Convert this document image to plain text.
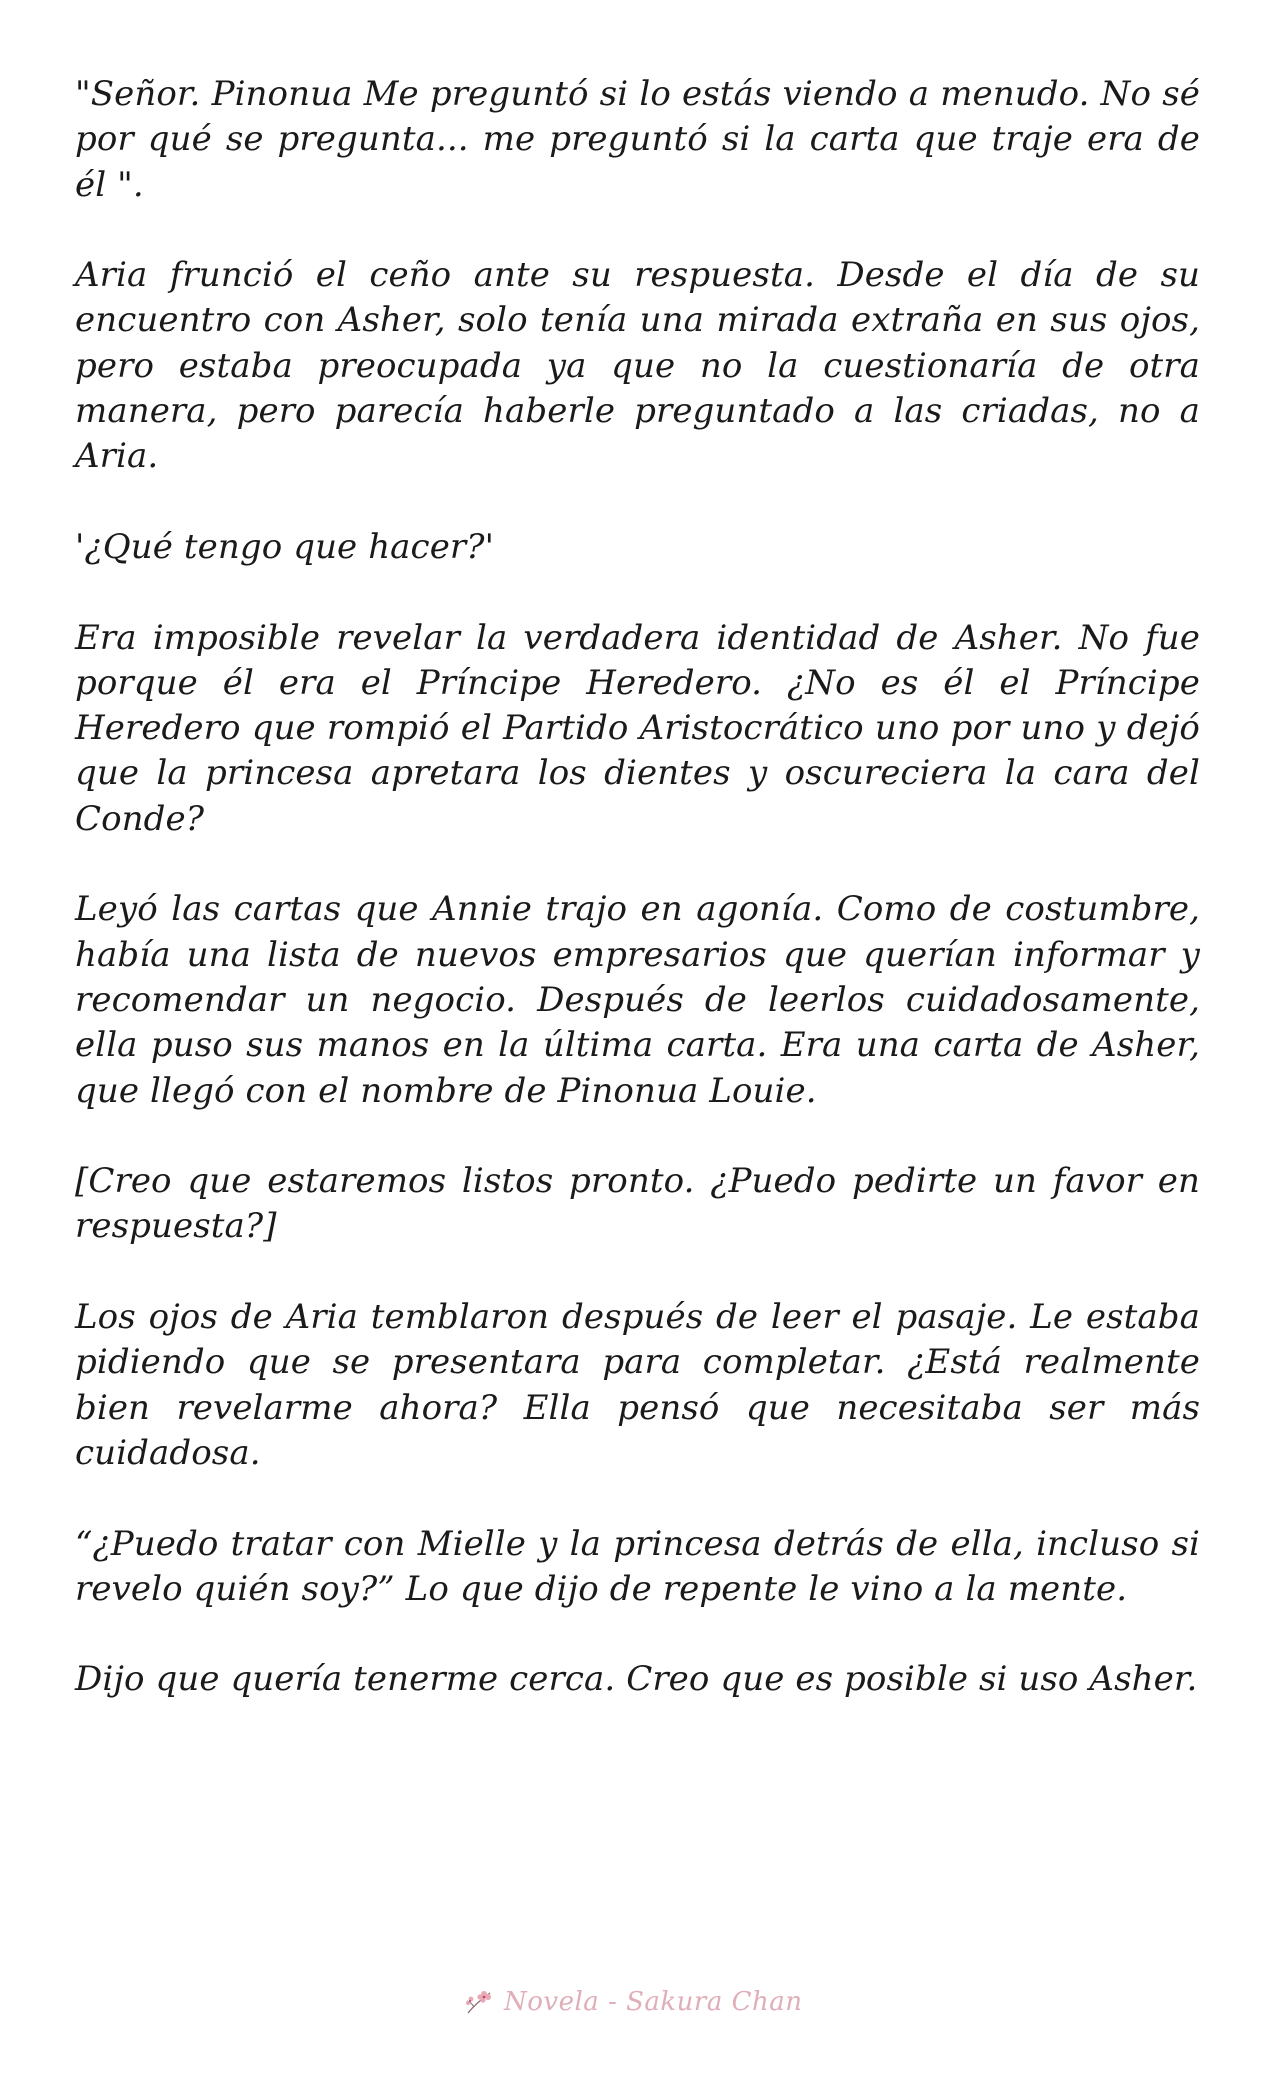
"Señor. Pinonua Me preguntó si lo estás viendo a menudo. No sé por qué se pregunta... me preguntó si la carta que traje era de él ".

Aria frunció el ceño ante su respuesta. Desde el día de su encuentro con Asher, solo tenía una mirada extraña en sus ojos, pero estaba preocupada ya que no la cuestionaría de otra manera, pero parecía haberle preguntado a las criadas, no a Aria.

'¿Qué tengo que hacer?'

Era imposible revelar la verdadera identidad de Asher. No fue porque él era el Príncipe Heredero. ¿No es él el Príncipe Heredero que rompió el Partido Aristocrático uno por uno y dejó que la princesa apretara los dientes y oscureciera la cara del Conde?

Leyó las cartas que Annie trajo en agonía. Como de costumbre, había una lista de nuevos empresarios que querían informar y recomendar un negocio. Después de leerlos cuidadosamente, ella puso sus manos en la última carta. Era una carta de Asher, que llegó con el nombre de Pinonua Louie.

[Creo que estaremos listos pronto. ¿Puedo pedirte un favor en respuesta?]

Los ojos de Aria temblaron después de leer el pasaje. Le estaba pidiendo que se presentara para completar. ¿Está realmente bien revelarme ahora? Ella pensó que necesitaba ser más cuidadosa.

“¿Puedo tratar con Mielle y la princesa detrás de ella, incluso si revelo quién soy?” Lo que dijo de repente le vino a la mente.

Dijo que quería tenerme cerca. Creo que es posible si uso Asher.

Novela - Sakura Chan
